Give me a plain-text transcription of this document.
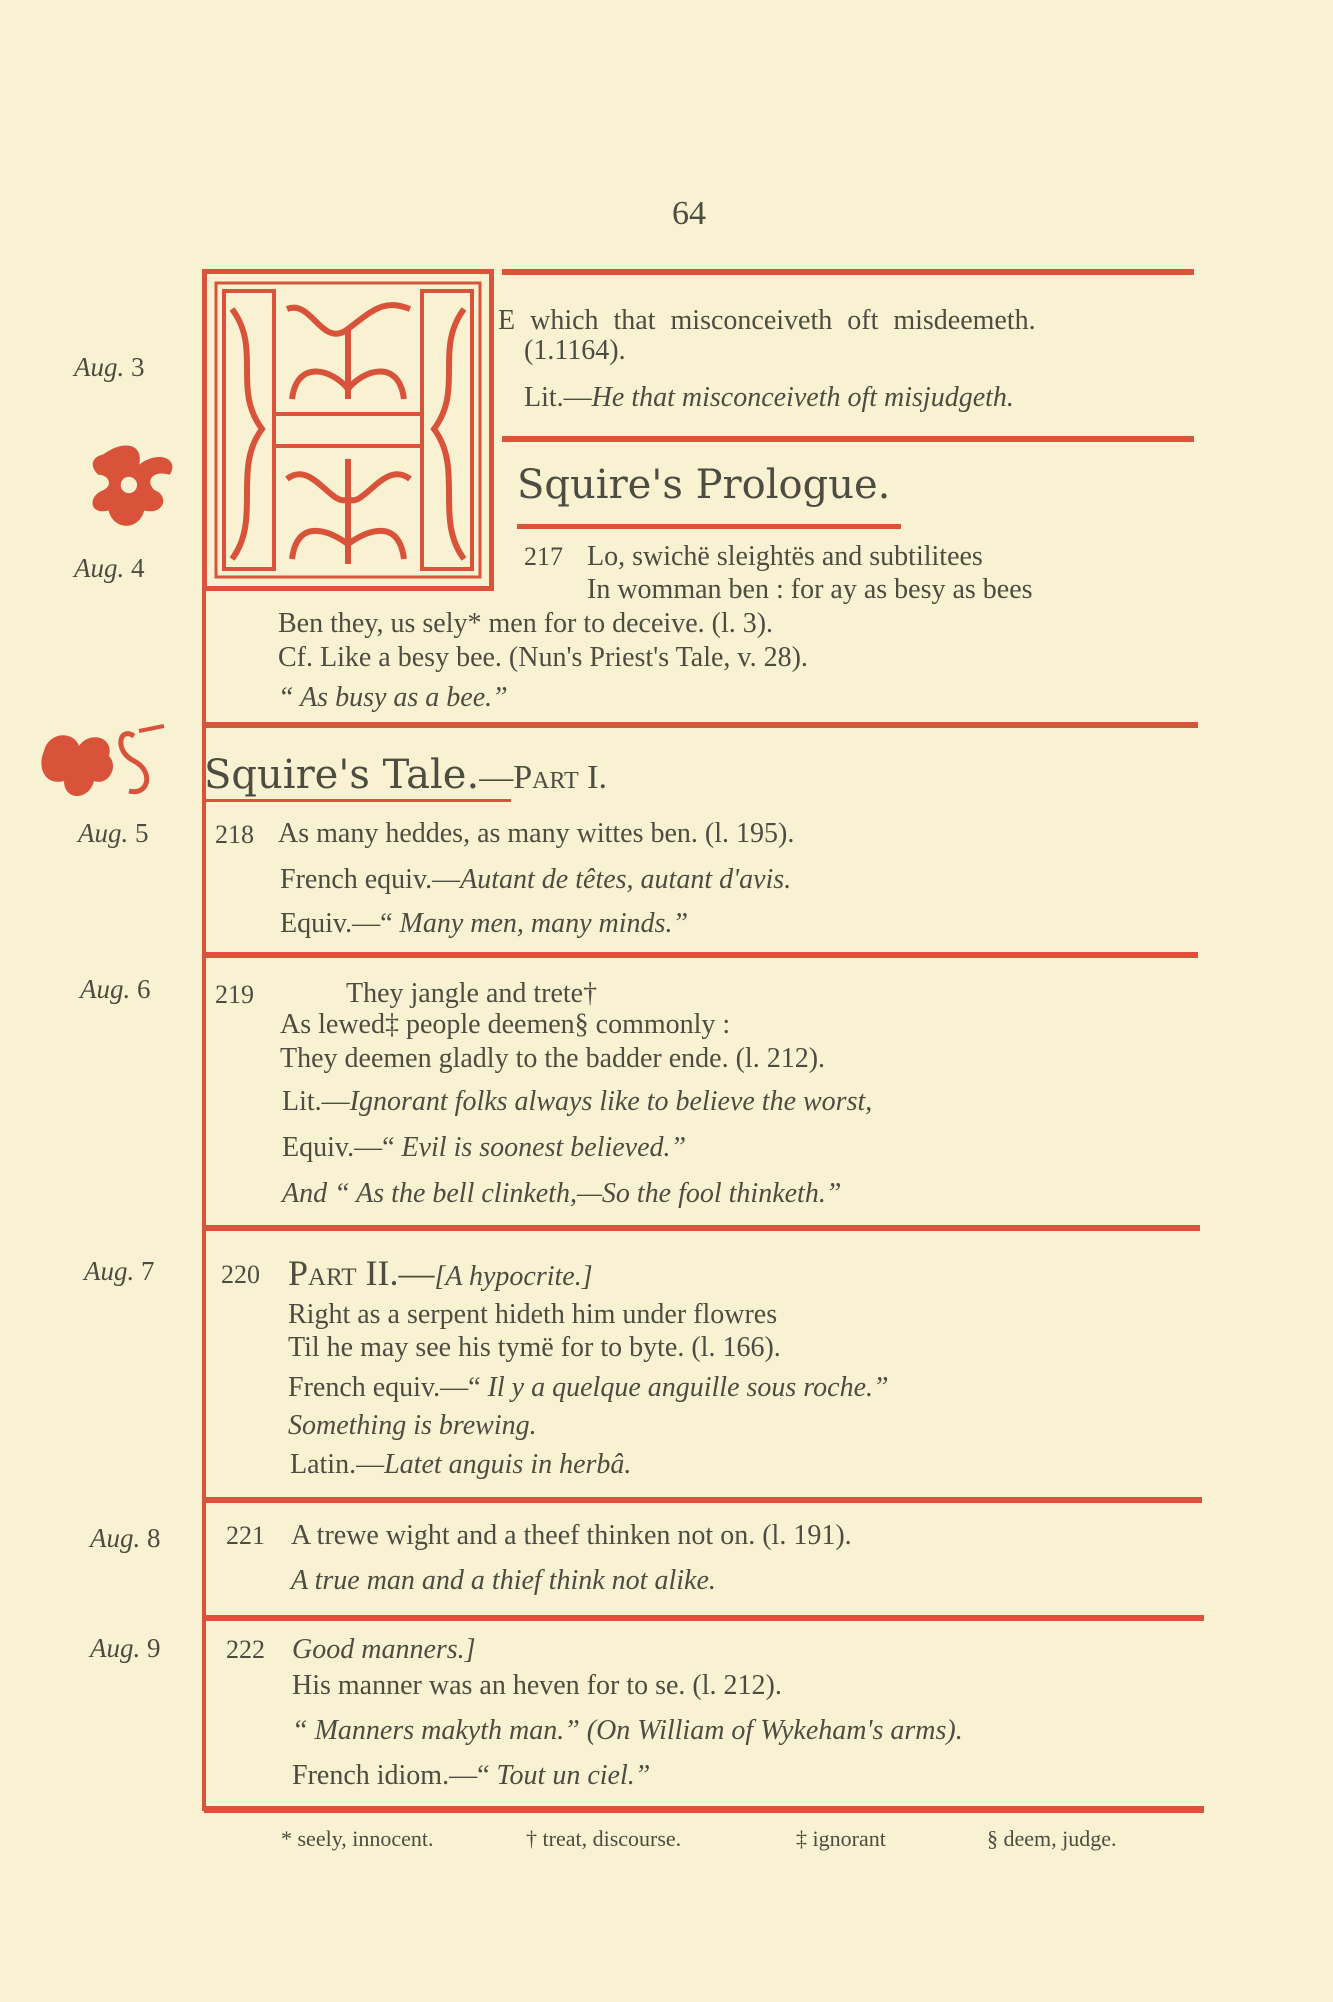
64
Aug. 3
Aug. 4
Aug. 5
Aug. 6
Aug. 7
Aug. 8
Aug. 9
E which that misconceiveth oft misdeemeth.
(1.1164).
Lit.—He that misconceiveth oft misjudgeth.
Squire's Prologue.
217 Lo, swichë sleightës and subtilitees
In womman ben : for ay as besy as bees
Ben they, us sely* men for to deceive. (l. 3).
Cf. Like a besy bee. (Nun's Priest's Tale, v. 28).
“ As busy as a bee.”
Squire's Tale.—Part I.
218 As many heddes, as many wittes ben. (l. 195).
French equiv.—Autant de têtes, autant d'avis.
Equiv.—“ Many men, many minds.”
219	They jangle and trete†
As lewed‡ people deemen§ commonly :
They deemen gladly to the badder ende. (l. 212).
Lit.—Ignorant folks always like to believe the worst,
Equiv.—“ Evil is soonest believed.”
And “ As the bell clinketh,—So the fool thinketh.”
220 Part II.—[A hypocrite.]
Right as a serpent hideth him under flowres
Til he may see his tymë for to byte. (l. 166).
French equiv.—“ Il y a quelque anguille sous roche.”
Something is brewing.
Latin.—Latet anguis in herbâ.
221 A trewe wight and a theef thinken not on. (l. 191).
A true man and a thief think not alike.
222 Good manners.]
His manner was an heven for to se. (l. 212).
“ Manners makyth man.” (On William of Wykeham's arms).
French idiom.—“ Tout un ciel.”
* seely, innocent.	† treat, discourse.	‡ ignorant	§ deem, judge.
